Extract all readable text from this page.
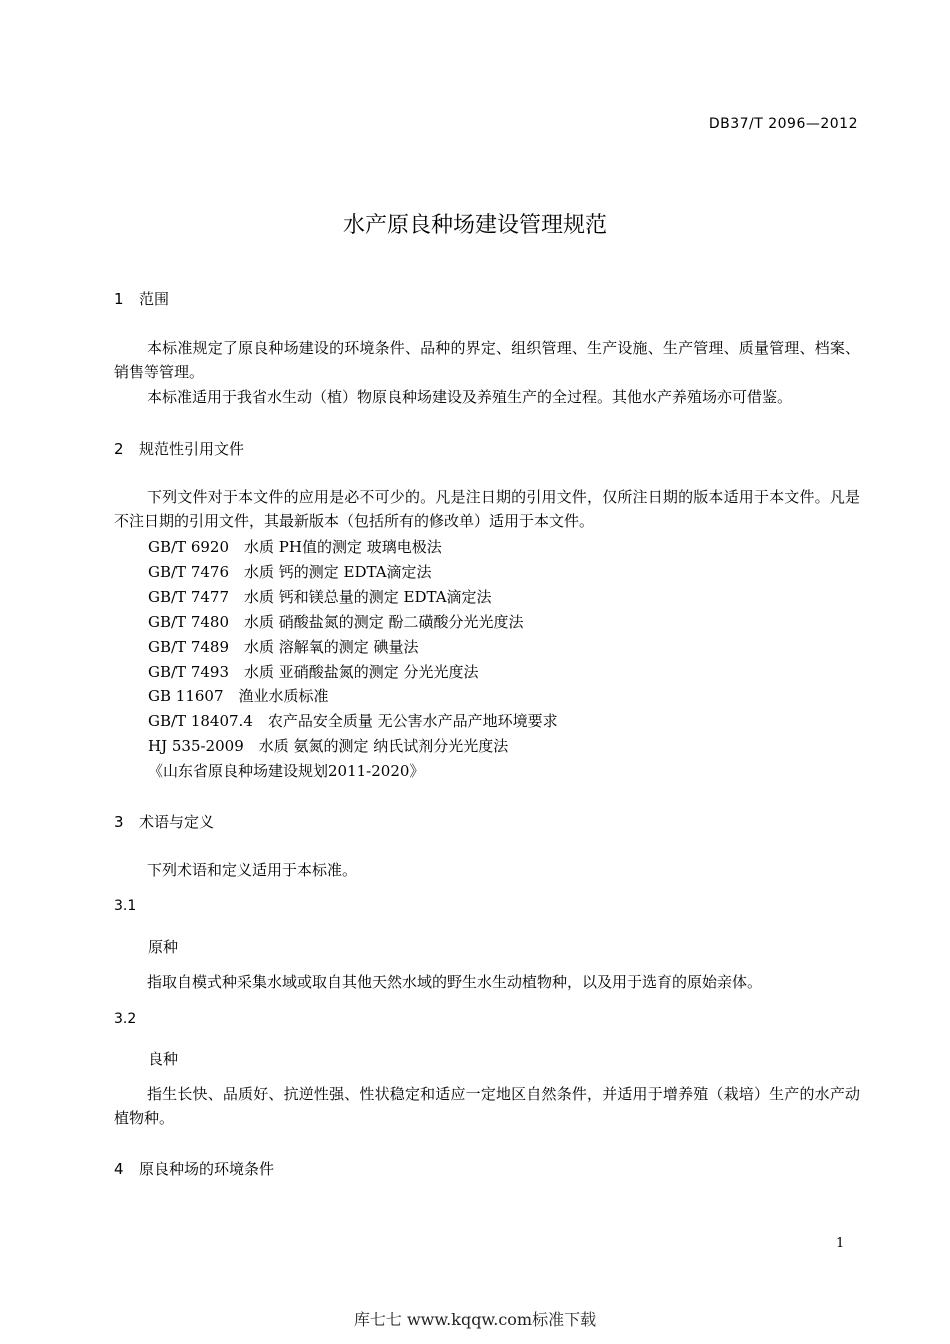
DB37/T 2096—2012
水产原良种场建设管理规范
1 范围
本标准规定了原良种场建设的环境条件、品种的界定、组织管理、生产设施、生产管理、质量管理、档案、销售等管理。
本标准适用于我省水生动（植）物原良种场建设及养殖生产的全过程。其他水产养殖场亦可借鉴。
2 规范性引用文件
下列文件对于本文件的应用是必不可少的。凡是注日期的引用文件，仅所注日期的版本适用于本文件。凡是不注日期的引用文件，其最新版本（包括所有的修改单）适用于本文件。
GB/T 6920　水质 PH值的测定 玻璃电极法
GB/T 7476　水质 钙的测定 EDTA滴定法
GB/T 7477　水质 钙和镁总量的测定 EDTA滴定法
GB/T 7480　水质 硝酸盐氮的测定 酚二磺酸分光光度法
GB/T 7489　水质 溶解氧的测定 碘量法
GB/T 7493　水质 亚硝酸盐氮的测定 分光光度法
GB 11607　渔业水质标准
GB/T 18407.4　农产品安全质量 无公害水产品产地环境要求
HJ 535-2009　水质 氨氮的测定 纳氏试剂分光光度法
《山东省原良种场建设规划2011-2020》
3 术语与定义
下列术语和定义适用于本标准。
3.1
原种
指取自模式种采集水域或取自其他天然水域的野生水生动植物种，以及用于选育的原始亲体。
3.2
良种
指生长快、品质好、抗逆性强、性状稳定和适应一定地区自然条件，并适用于增养殖（栽培）生产的水产动植物种。
4 原良种场的环境条件
1
库七七 www.kqqw.com标准下载
